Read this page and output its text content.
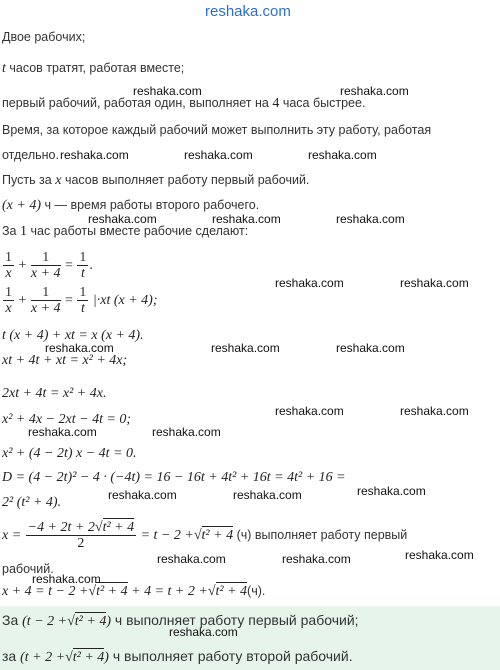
reshaka.com
Двое рабочих;
t часов тратят, работая вместе;
reshaka.com	reshaka.com
первый рабочий, работая один, выполняет на 4 часа быстрее.
Время, за которое каждый рабочий может выполнить эту работу, работая
отдельно. reshaka.com	reshaka.com	reshaka.com
Пусть за x часов выполняет работу первый рабочий.
(x + 4) ч — время работы второго рабочего.
reshaka.com	reshaka.com	reshaka.com
За 1 час работы вместе рабочие сделают:
$\frac{1}{x} + \frac{1}{x + 4} = \frac{1}{t}$ .
reshaka.com	reshaka.com
$\frac{1}{x} + \frac{1}{x + 4} = \frac{1}{t} |\cdot xt$ (x + 4);
t (x + 4) + xt = x (x + 4).
reshaka.com	reshaka.com	reshaka.com
xt + 4t + xt = x² + 4x;
2xt + 4t = x² + 4x.
reshaka.com	reshaka.com
x² + 4x − 2xt − 4t = 0;
reshaka.com	reshaka.com
x² + (4 − 2t) x − 4t = 0.
D = (4 − 2t)² − 4 · (−4t) = 16 − 16t + 4t² + 16t = 4t² + 16 =
2² (t² + 4).
reshaka.com
reshaka.com	reshaka.com
$x = \frac{\text{−4 + 2t + 2√t² + 4}}{2} = t - 2 +√t^2 + 4$ (ч) выполняет работу первый
reshaka.com	reshaka.com	reshaka.com
рабочий.
reshaka.com
x + 4 = t − 2 +√t² + 4 + 4 = t + 2 +√t² + 4(ч).
За (t − 2 +√t² + 4) ч выполняет работу первый рабочий;
reshaka.com
за (t + 2 +√t² + 4) ч выполняет работу второй рабочий.
